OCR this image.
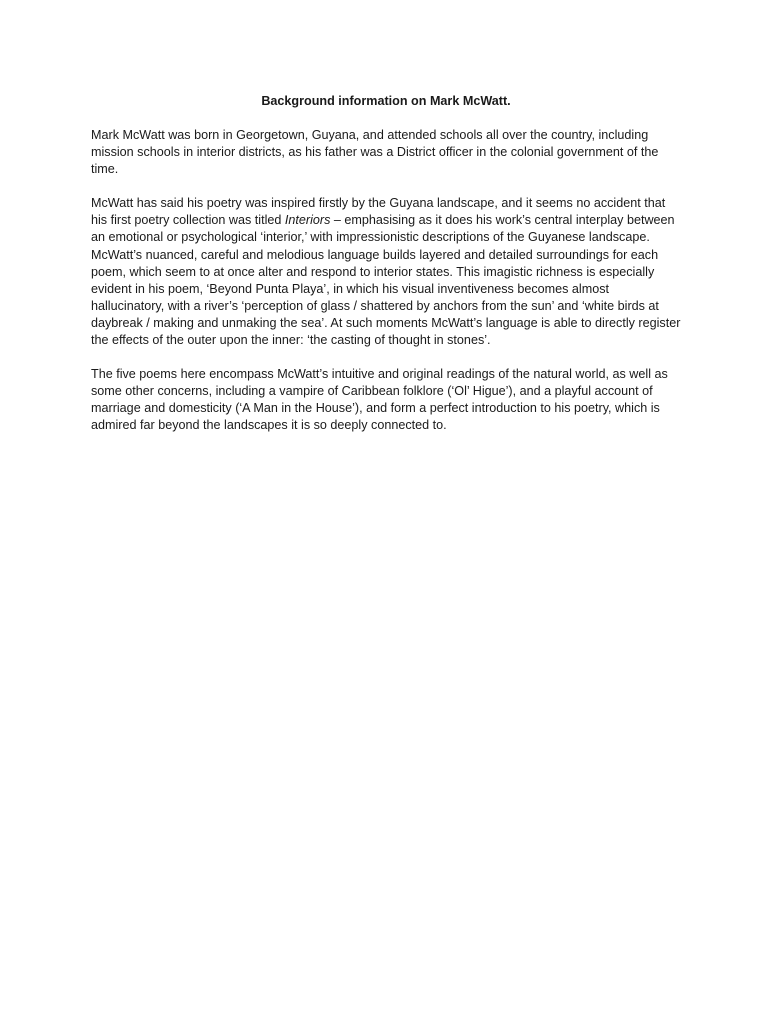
Background information on Mark McWatt.

Mark McWatt was born in Georgetown, Guyana, and attended schools all over the country, including mission schools in interior districts, as his father was a District officer in the colonial government of the time.

McWatt has said his poetry was inspired firstly by the Guyana landscape, and it seems no accident that his first poetry collection was titled Interiors – emphasising as it does his work’s central interplay between an emotional or psychological ‘interior,’ with impressionistic descriptions of the Guyanese landscape. McWatt’s nuanced, careful and melodious language builds layered and detailed surroundings for each poem, which seem to at once alter and respond to interior states. This imagistic richness is especially evident in his poem, ‘Beyond Punta Playa’, in which his visual inventiveness becomes almost hallucinatory, with a river’s ‘perception of glass / shattered by anchors from the sun’ and ‘white birds at daybreak / making and unmaking the sea’. At such moments McWatt’s language is able to directly register the effects of the outer upon the inner: ‘the casting of thought in stones’.

The five poems here encompass McWatt’s intuitive and original readings of the natural world, as well as some other concerns, including a vampire of Caribbean folklore (‘Ol’ Higue’), and a playful account of marriage and domesticity (‘A Man in the House’), and form a perfect introduction to his poetry, which is admired far beyond the landscapes it is so deeply connected to.
